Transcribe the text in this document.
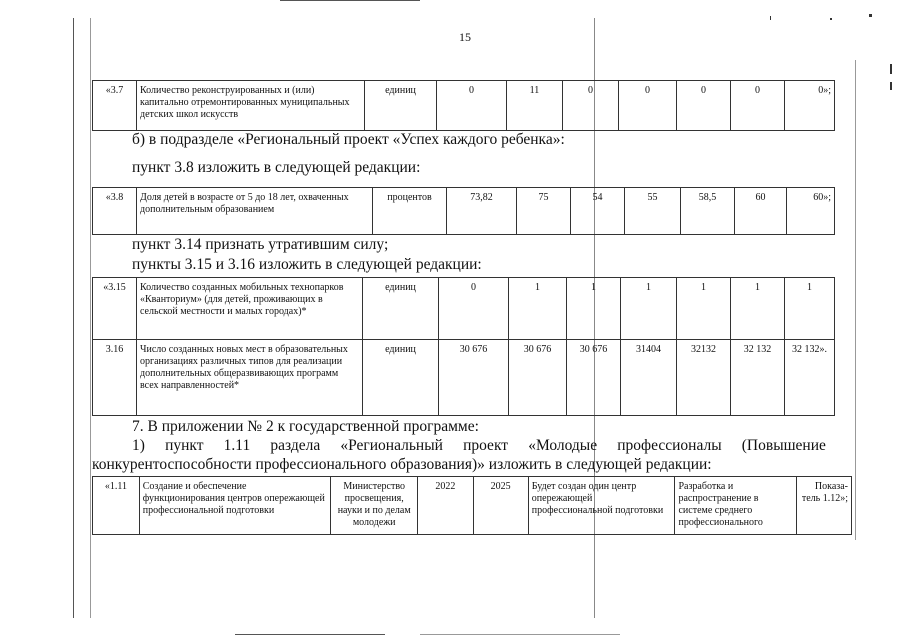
15
«3.7	Количество реконструированных и (или) капитально отремонтированных муниципальных детских школ искусств	единиц	0	11	0	0	0	0	0»;
б) в подразделе «Региональный проект «Успех каждого ребенка»:
пункт 3.8 изложить в следующей редакции:
«3.8	Доля детей в возрасте от 5 до 18 лет, охваченных дополнительным образованием	процентов	73,82	75	54	55	58,5	60	60»;
пункт 3.14 признать утратившим силу;
пункты 3.15 и 3.16 изложить в следующей редакции:
«3.15	Количество созданных мобильных технопарков «Кванториум» (для детей, проживающих в сельской местности и малых городах)*	единиц	0	1	1	1	1	1	1
3.16	Число созданных новых мест в образовательных организациях различных типов для реализации дополнительных общеразвивающих программ всех направленностей*	единиц	30 676	30 676	30 676	31404	32132	32 132	32 132».
7. В приложении № 2 к государственной программе:
1) пункт 1.11 раздела «Региональный проект «Молодые профессионалы (Повышение
конкурентоспособности профессионального образования)» изложить в следующей редакции:
«1.11	Создание и обеспечение функционирования центров опережающей профессиональной подготовки	Министерство просвещения, науки и по делам молодежи	2022	2025	Будет создан один центр опережающей профессиональной подготовки	Разработка и распространение в системе среднего профессионального	Показа-тель 1.12»;
